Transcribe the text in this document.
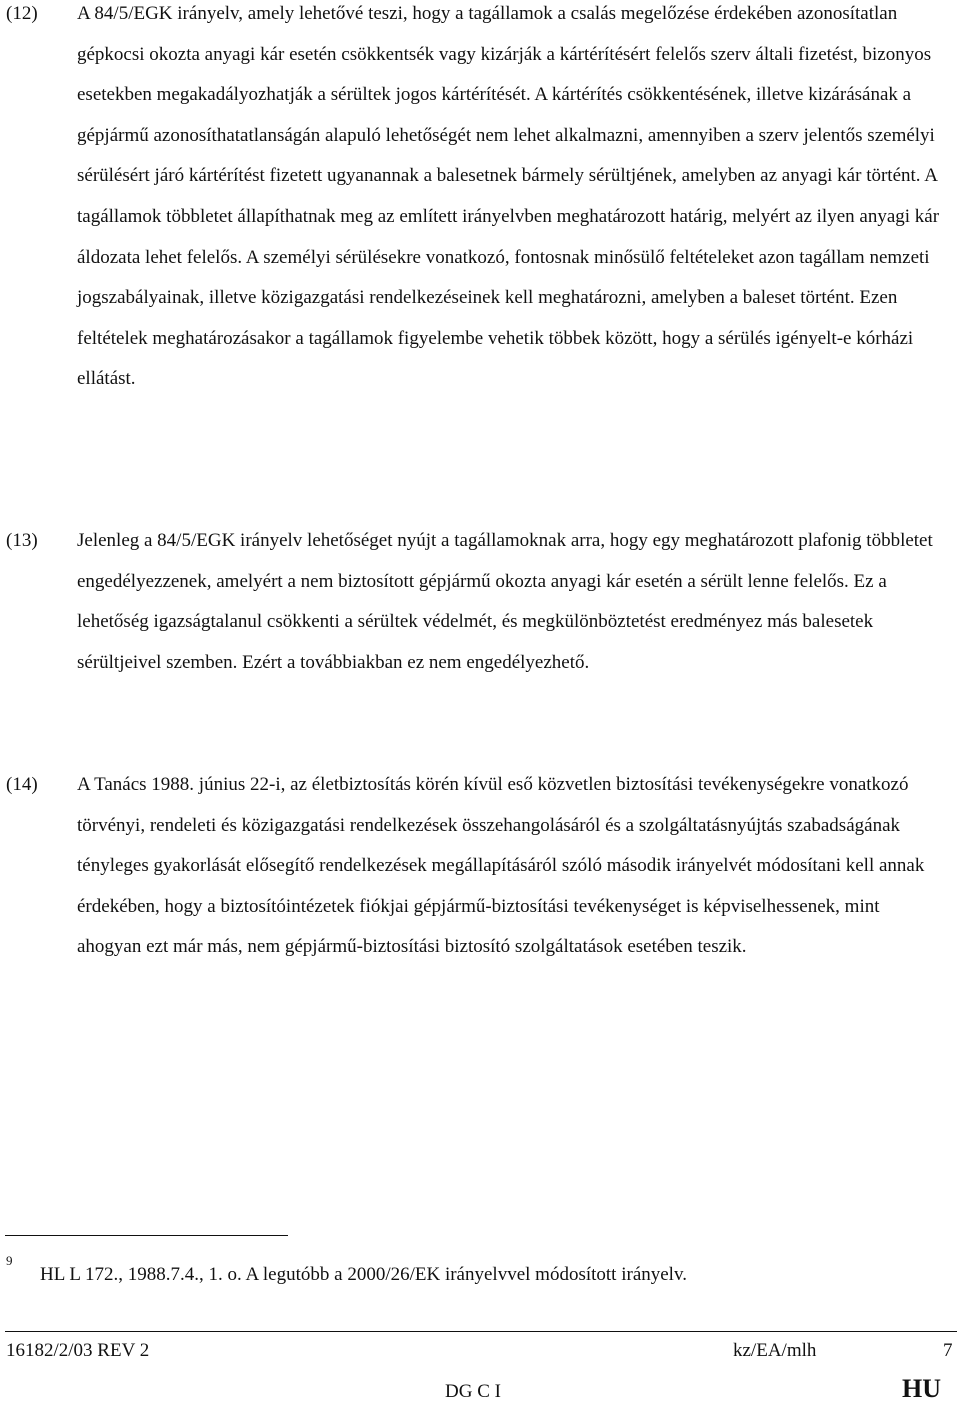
(12) A 84/5/EGK irányelv, amely lehetővé teszi, hogy a tagállamok a csalás megelőzése érdekében azonosítatlan gépkocsi okozta anyagi kár esetén csökkentsék vagy kizárják a kártérítésért felelős szerv általi fizetést, bizonyos esetekben megakadályozhatják a sérültek jogos kártérítését. A kártérítés csökkentésének, illetve kizárásának a gépjármű azonosíthatatlanságán alapuló lehetőségét nem lehet alkalmazni, amennyiben a szerv jelentős személyi sérülésért járó kártérítést fizetett ugyanannak a balesetnek bármely sérültjének, amelyben az anyagi kár történt. A tagállamok többletet állapíthatnak meg az említett irányelvben meghatározott határig, melyért az ilyen anyagi kár áldozata lehet felelős. A személyi sérülésekre vonatkozó, fontosnak minősülő feltételeket azon tagállam nemzeti jogszabályainak, illetve közigazgatási rendelkezéseinek kell meghatározni, amelyben a baleset történt. Ezen feltételek meghatározásakor a tagállamok figyelembe vehetik többek között, hogy a sérülés igényelt-e kórházi ellátást.
(13) Jelenleg a 84/5/EGK irányelv lehetőséget nyújt a tagállamoknak arra, hogy egy meghatározott plafonig többletet engedélyezzenek, amelyért a nem biztosított gépjármű okozta anyagi kár esetén a sérült lenne felelős. Ez a lehetőség igazságtalanul csökkenti a sérültek védelmét, és megkülönböztetést eredményez más balesetek sérültjeivel szemben. Ezért a továbbiakban ez nem engedélyezhető.
(14) A Tanács 1988. június 22-i, az életbiztosítás körén kívül eső közvetlen biztosítási tevékenységekre vonatkozó törvényi, rendeleti és közigazgatási rendelkezések összehangolásáról és a szolgáltatásnyújtás szabadságának tényleges gyakorlását elősegítő rendelkezések megállapításáról szóló második irányelvét módosítani kell annak érdekében, hogy a biztosítóintézetek fiókjai gépjármű-biztosítási tevékenységet is képviselhessenek, mint ahogyan ezt már más, nem gépjármű-biztosítási biztosító szolgáltatások esetében teszik.
9
HL L 172., 1988.7.4., 1. o. A legutóbb a 2000/26/EK irányelvvel módosított irányelv.
16182/2/03 REV 2	kz/EA/mlh	7
DG C I	HU
